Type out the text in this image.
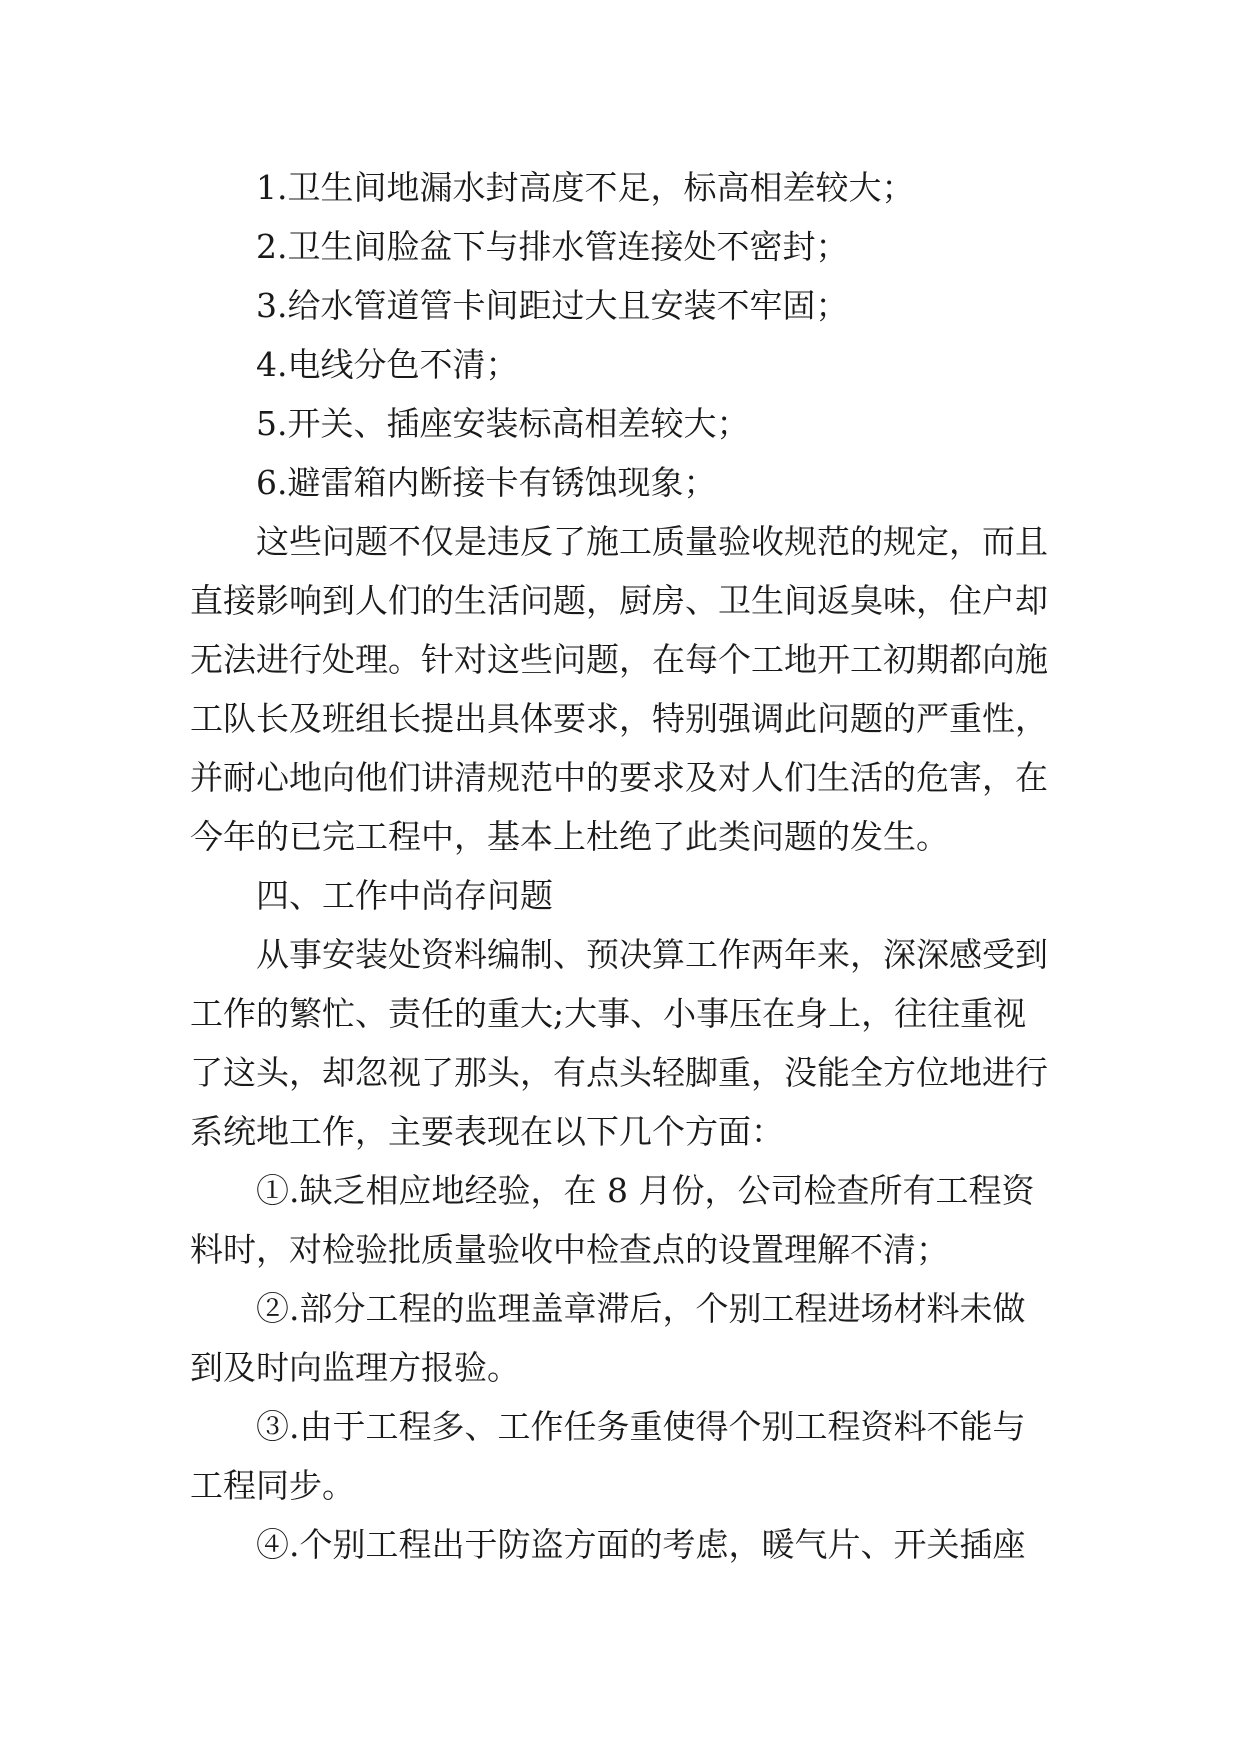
1.卫生间地漏水封高度不足，标高相差较大；

2.卫生间脸盆下与排水管连接处不密封；

3.给水管道管卡间距过大且安装不牢固；

4.电线分色不清；

5.开关、插座安装标高相差较大；

6.避雷箱内断接卡有锈蚀现象；

这些问题不仅是违反了施工质量验收规范的规定，而且

直接影响到人们的生活问题，厨房、卫生间返臭味，住户却

无法进行处理。针对这些问题，在每个工地开工初期都向施

工队长及班组长提出具体要求，特别强调此问题的严重性，

并耐心地向他们讲清规范中的要求及对人们生活的危害，在

今年的已完工程中，基本上杜绝了此类问题的发生。

四、工作中尚存问题

从事安装处资料编制、预决算工作两年来，深深感受到

工作的繁忙、责任的重大;大事、小事压在身上，往往重视

了这头，却忽视了那头，有点头轻脚重，没能全方位地进行

系统地工作，主要表现在以下几个方面：

①.缺乏相应地经验，在 8 月份，公司检查所有工程资

料时，对检验批质量验收中检查点的设置理解不清；

②.部分工程的监理盖章滞后，个别工程进场材料未做

到及时向监理方报验。

③.由于工程多、工作任务重使得个别工程资料不能与

工程同步。

④.个别工程出于防盗方面的考虑，暖气片、开关插座
